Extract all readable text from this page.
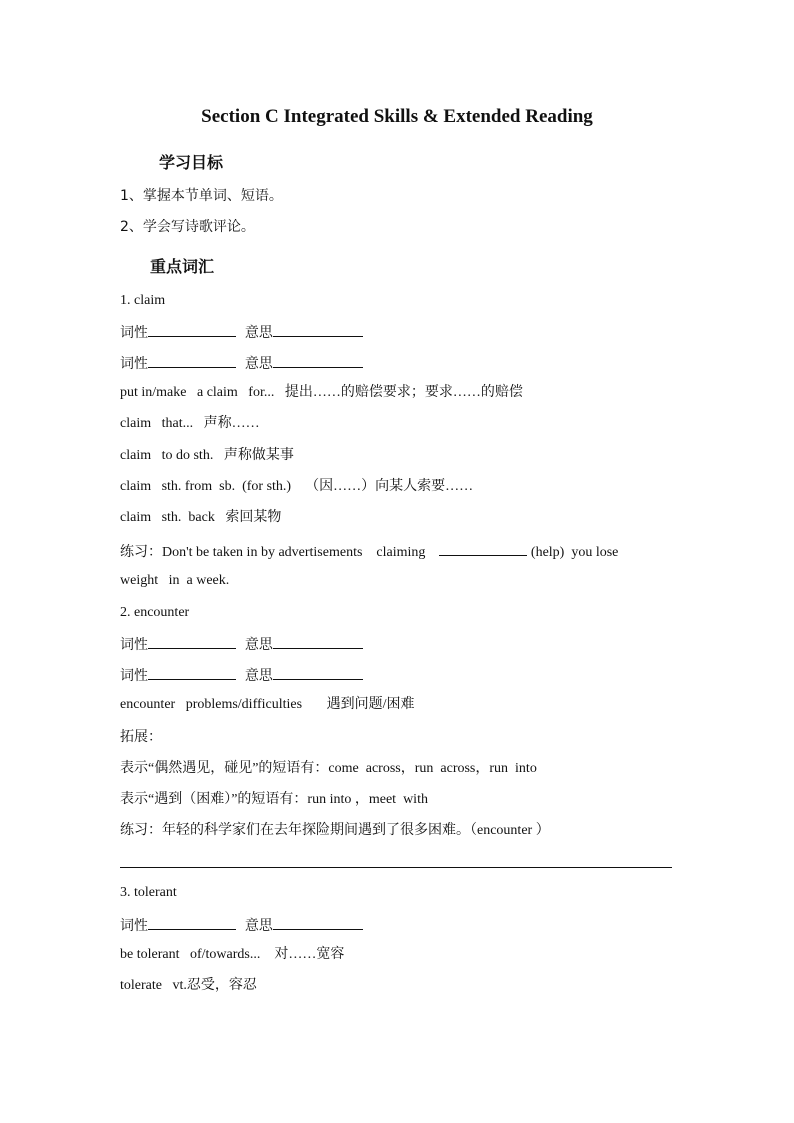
Section C Integrated Skills & Extended Reading
学习目标
1、掌握本节单词、短语。
2、学会写诗歌评论。
重点词汇
1. claim
词性	意思
词性	意思
put in/make   a claim   for...   提出……的赔偿要求；要求……的赔偿
claim   that...   声称……
claim   to do sth.   声称做某事
claim   sth. from  sb.  (for sth.)    （因……）向某人索要……
claim   sth.  back   索回某物
练习：Don't be taken in by advertisements    claiming	(help)  you lose
weight   in  a week.
2. encounter
词性	意思
词性	意思
encounter   problems/difficulties       遇到问题/困难
拓展：
表示“偶然遇见，碰见”的短语有：come  across，run  across，run  into
表示“遇到（困难）”的短语有：run into ，meet  with
练习：年轻的科学家们在去年探险期间遇到了很多困难。（encounter ）
3. tolerant
词性	意思
be tolerant   of/towards...    对……宽容
tolerate   vt.忍受，容忍
